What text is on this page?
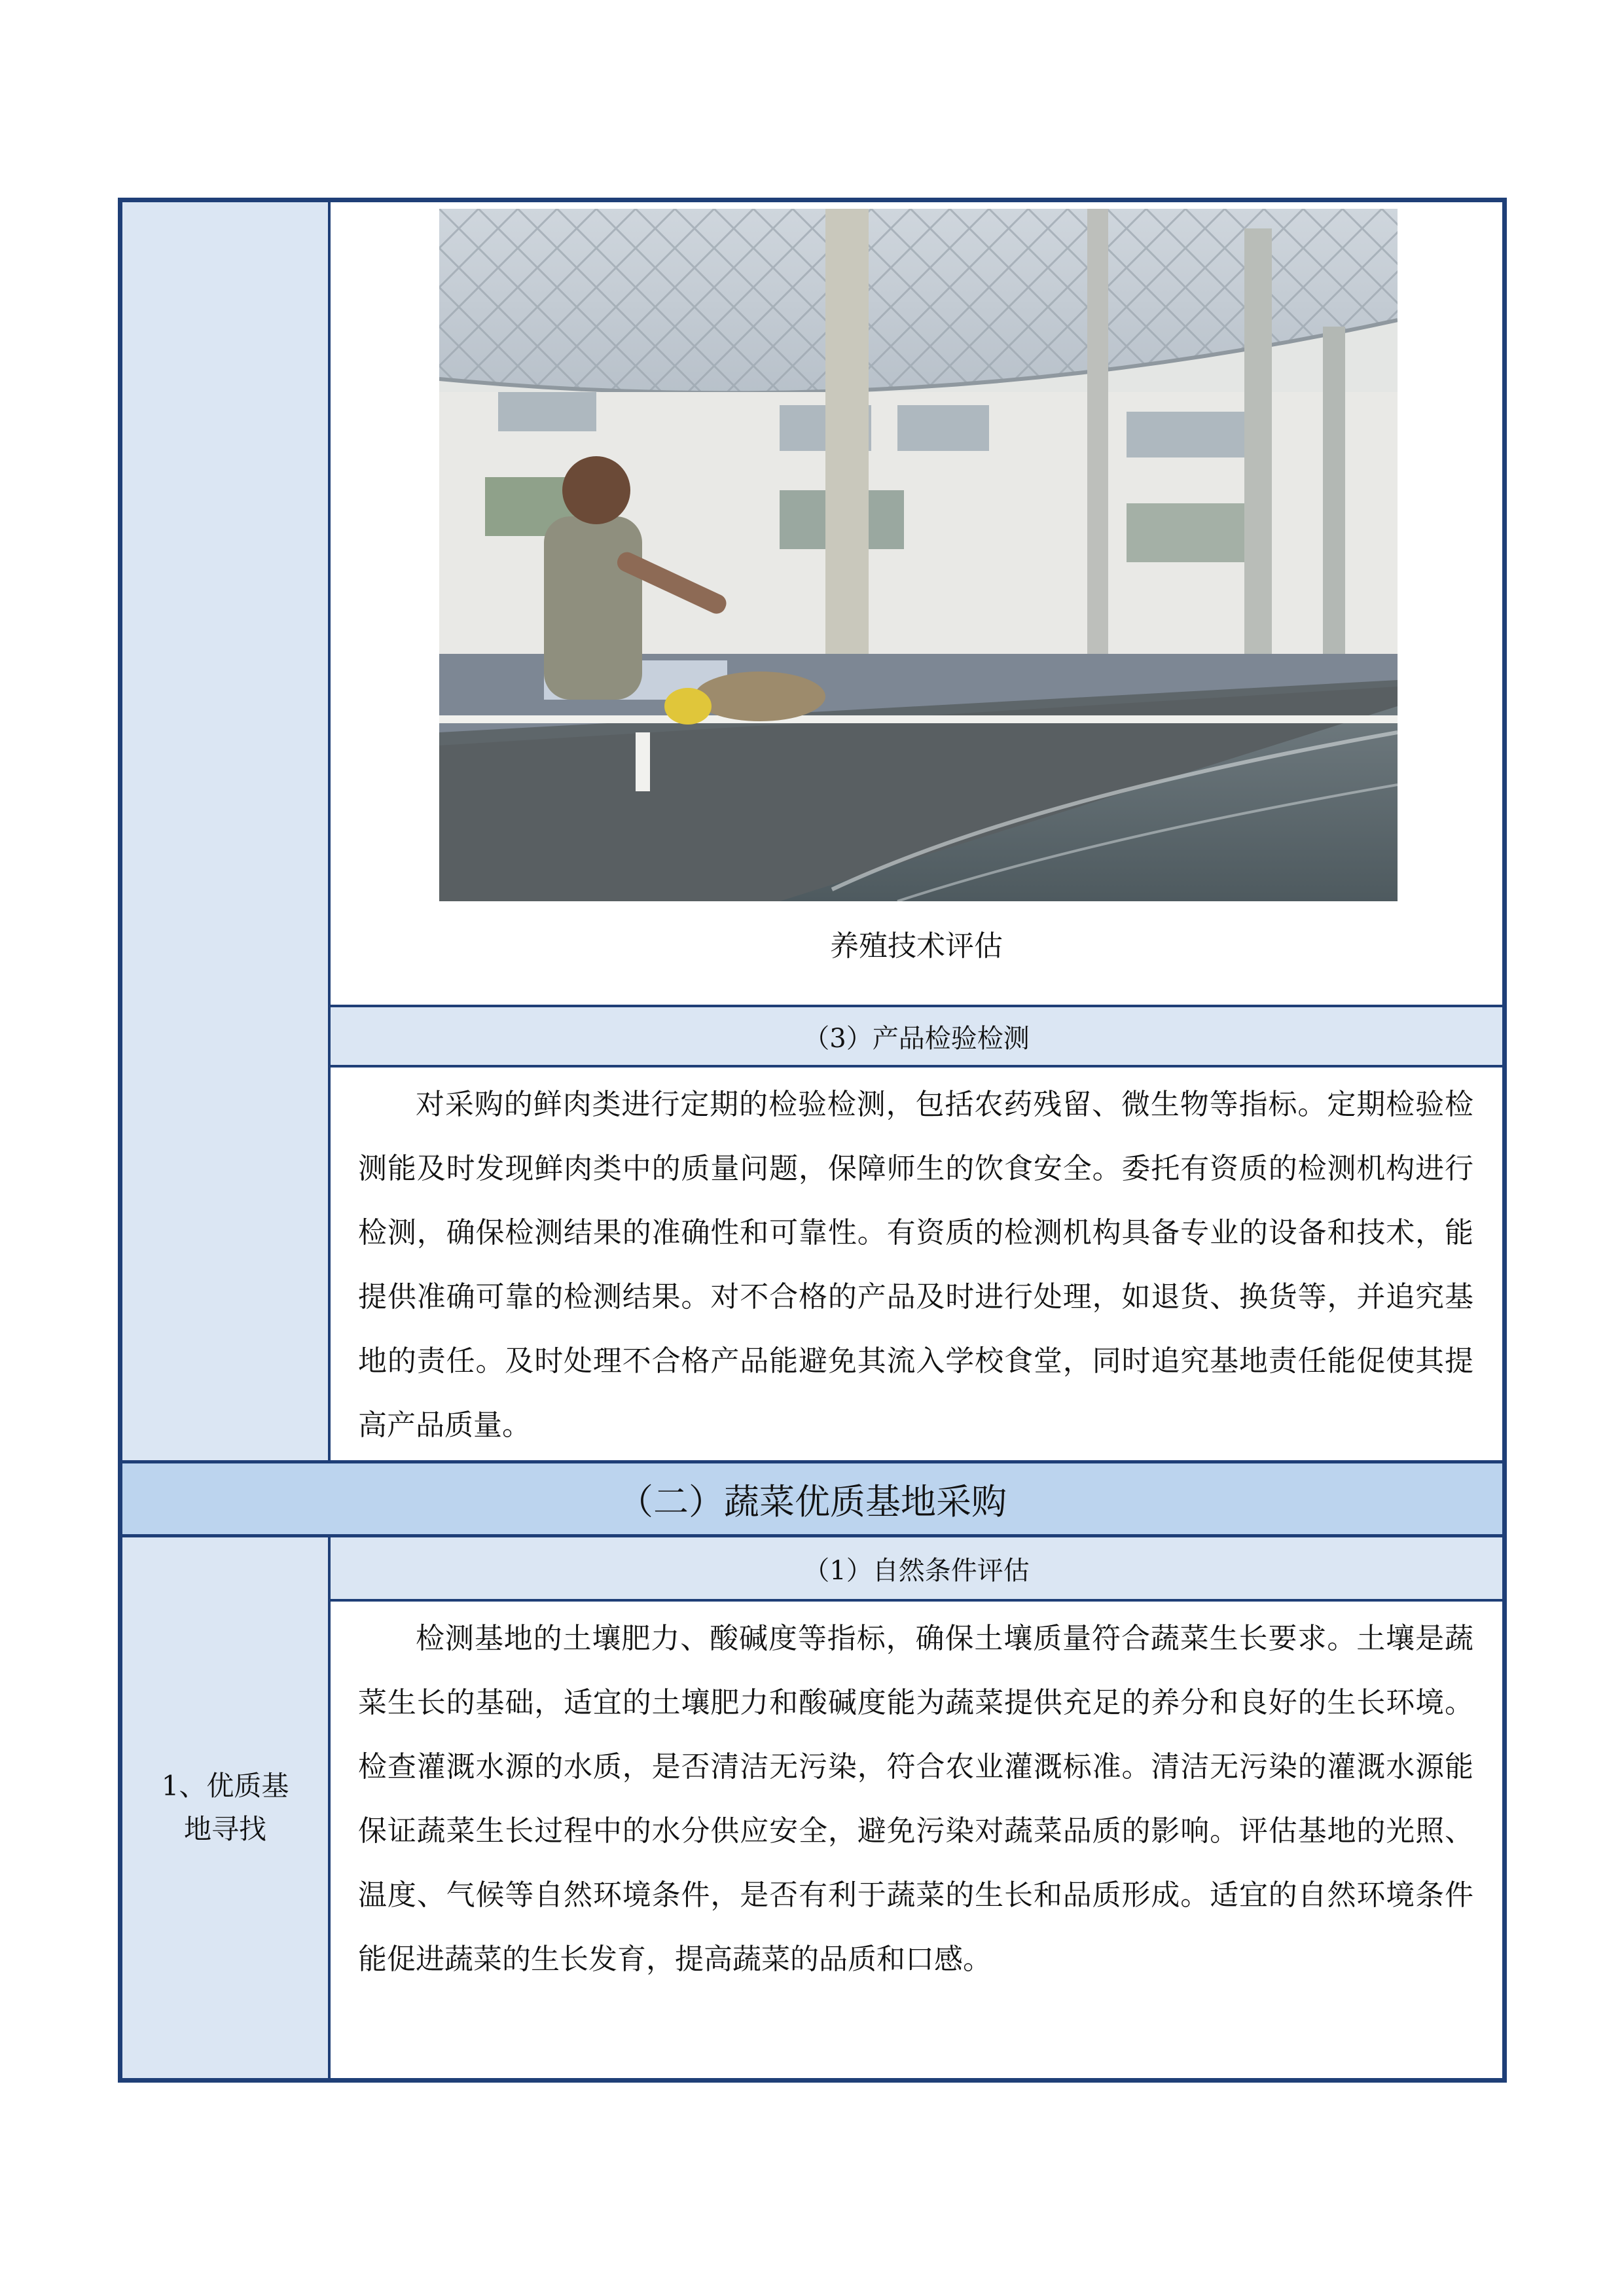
养殖技术评估
（3）产品检验检测
对采购的鲜肉类进行定期的检验检测，包括农药残留、微生物等指标。定期检验检测能及时发现鲜肉类中的质量问题，保障师生的饮食安全。委托有资质的检测机构进行检测，确保检测结果的准确性和可靠性。有资质的检测机构具备专业的设备和技术，能提供准确可靠的检测结果。对不合格的产品及时进行处理，如退货、换货等，并追究基地的责任。及时处理不合格产品能避免其流入学校食堂，同时追究基地责任能促使其提高产品质量。
（二）蔬菜优质基地采购
1、优质基地寻找
（1）自然条件评估
检测基地的土壤肥力、酸碱度等指标，确保土壤质量符合蔬菜生长要求。土壤是蔬菜生长的基础，适宜的土壤肥力和酸碱度能为蔬菜提供充足的养分和良好的生长环境。检查灌溉水源的水质，是否清洁无污染，符合农业灌溉标准。清洁无污染的灌溉水源能保证蔬菜生长过程中的水分供应安全，避免污染对蔬菜品质的影响。评估基地的光照、温度、气候等自然环境条件，是否有利于蔬菜的生长和品质形成。适宜的自然环境条件能促进蔬菜的生长发育，提高蔬菜的品质和口感。
